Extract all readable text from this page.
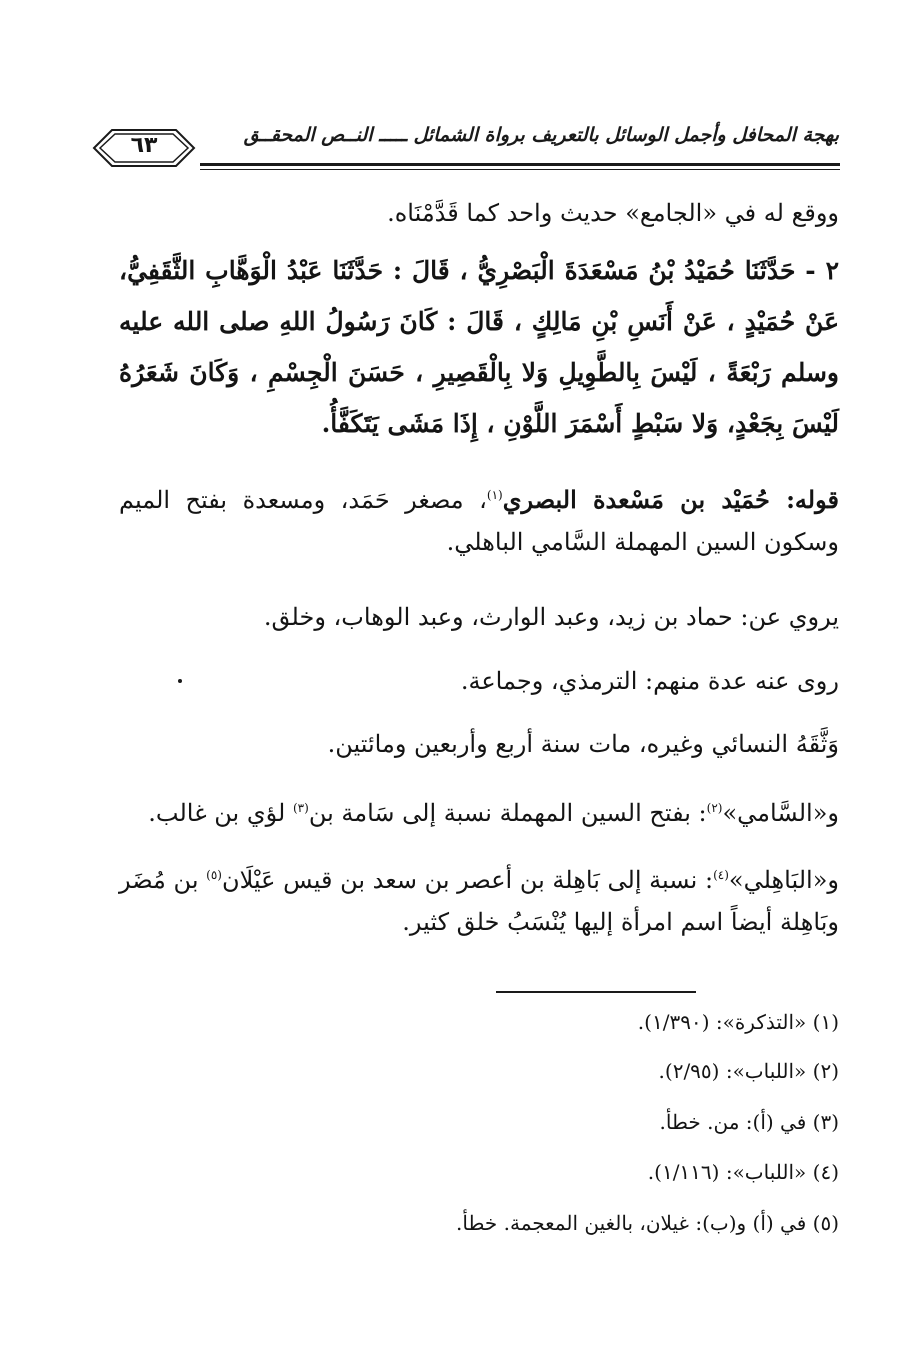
بهجة المحافل وأجمل الوسائل بالتعريف برواة الشمائل ـــــ النــص المحقــق
٦٣
ووقع له في «الجامع» حديث واحد كما قَدَّمْنَاه.
٢ - حَدَّثَنَا حُمَيْدُ بْنُ مَسْعَدَةَ الْبَصْرِيُّ ، قَالَ : حَدَّثَنَا عَبْدُ الْوَهَّابِ الثَّقَفِيُّ، عَنْ حُمَيْدٍ ، عَنْ أَنَسِ بْنِ مَالِكٍ ، قَالَ : كَانَ رَسُولُ اللهِ صلى الله عليه وسلم رَبْعَةً ، لَيْسَ بِالطَّوِيلِ وَلا بِالْقَصِيرِ ، حَسَنَ الْجِسْمِ ، وَكَانَ شَعَرُهُ لَيْسَ بِجَعْدٍ، وَلا سَبْطٍ أَسْمَرَ اللَّوْنِ ، إِذَا مَشَى يَتَكَفَّأُ.
قوله: حُمَيْد بن مَسْعدة البصري$^{(١)}$، مصغر حَمَد، ومسعدة بفتح الميم وسكون السين المهملة السَّامي الباهلي.
يروي عن: حماد بن زيد، وعبد الوارث، وعبد الوهاب، وخلق.
روى عنه عدة منهم: الترمذي، وجماعة.
وَثَّقَهُ النسائي وغيره، مات سنة أربع وأربعين ومائتين.
و«السَّامي»$^{(٢)}$: بفتح السين المهملة نسبة إلى سَامة بن$^{(٣)}$ لؤي بن غالب.
و«البَاهِلي»$^{(٤)}$: نسبة إلى بَاهِلة بن أعصر بن سعد بن قيس عَيْلَان$^{(٥)}$ بن مُضَر وبَاهِلة أيضاً اسم امرأة إليها يُنْسَبُ خلق كثير.
(١) «التذكرة»: (١/٣٩٠).
(٢) «اللباب»: (٢/٩٥).
(٣) في (أ): من. خطأ.
(٤) «اللباب»: (١/١١٦).
(٥) في (أ) و(ب): غيلان، بالغين المعجمة. خطأ.
